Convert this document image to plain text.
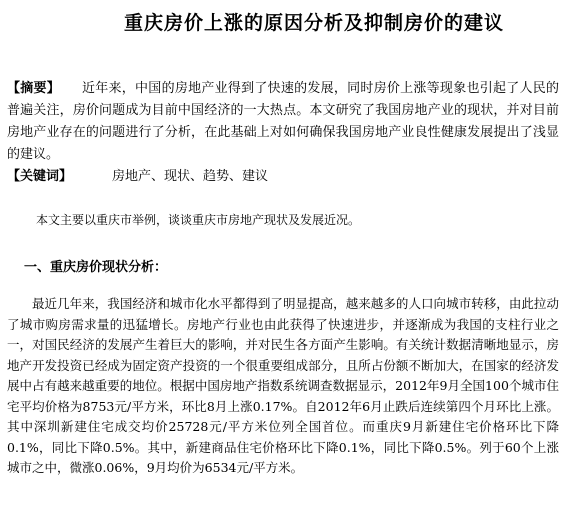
重庆房价上涨的原因分析及抑制房价的建议
【摘要】 近年来，中国的房地产业得到了快速的发展，同时房价上涨等现象也引起了人民的普遍关注，房价问题成为目前中国经济的一大热点。本文研究了我国房地产业的现状，并对目前房地产业存在的问题进行了分析，在此基础上对如何确保我国房地产业良性健康发展提出了浅显的建议。
【关键词】	房地产、现状、趋势、建议
本文主要以重庆市举例，谈谈重庆市房地产现状及发展近况。
一、重庆房价现状分析：
最近几年来，我国经济和城市化水平都得到了明显提高，越来越多的人口向城市转移，由此拉动了城市购房需求量的迅猛增长。房地产行业也由此获得了快速进步，并逐渐成为我国的支柱行业之一，对国民经济的发展产生着巨大的影响，并对民生各方面产生影响。有关统计数据清晰地显示，房地产开发投资已经成为固定资产投资的一个很重要组成部分，且所占份额不断加大，在国家的经济发展中占有越来越重要的地位。根据中国房地产指数系统调查数据显示，2012年9月全国100个城市住宅平均价格为8753元/平方米，环比8月上涨0.17%。自2012年6月止跌后连续第四个月环比上涨。其中深圳新建住宅成交均价25728元/平方米位列全国首位。而重庆9月新建住宅价格环比下降0.1%，同比下降0.5%。其中，新建商品住宅价格环比下降0.1%，同比下降0.5%。列于60个上涨城市之中，微涨0.06%，9月均价为6534元/平方米。
